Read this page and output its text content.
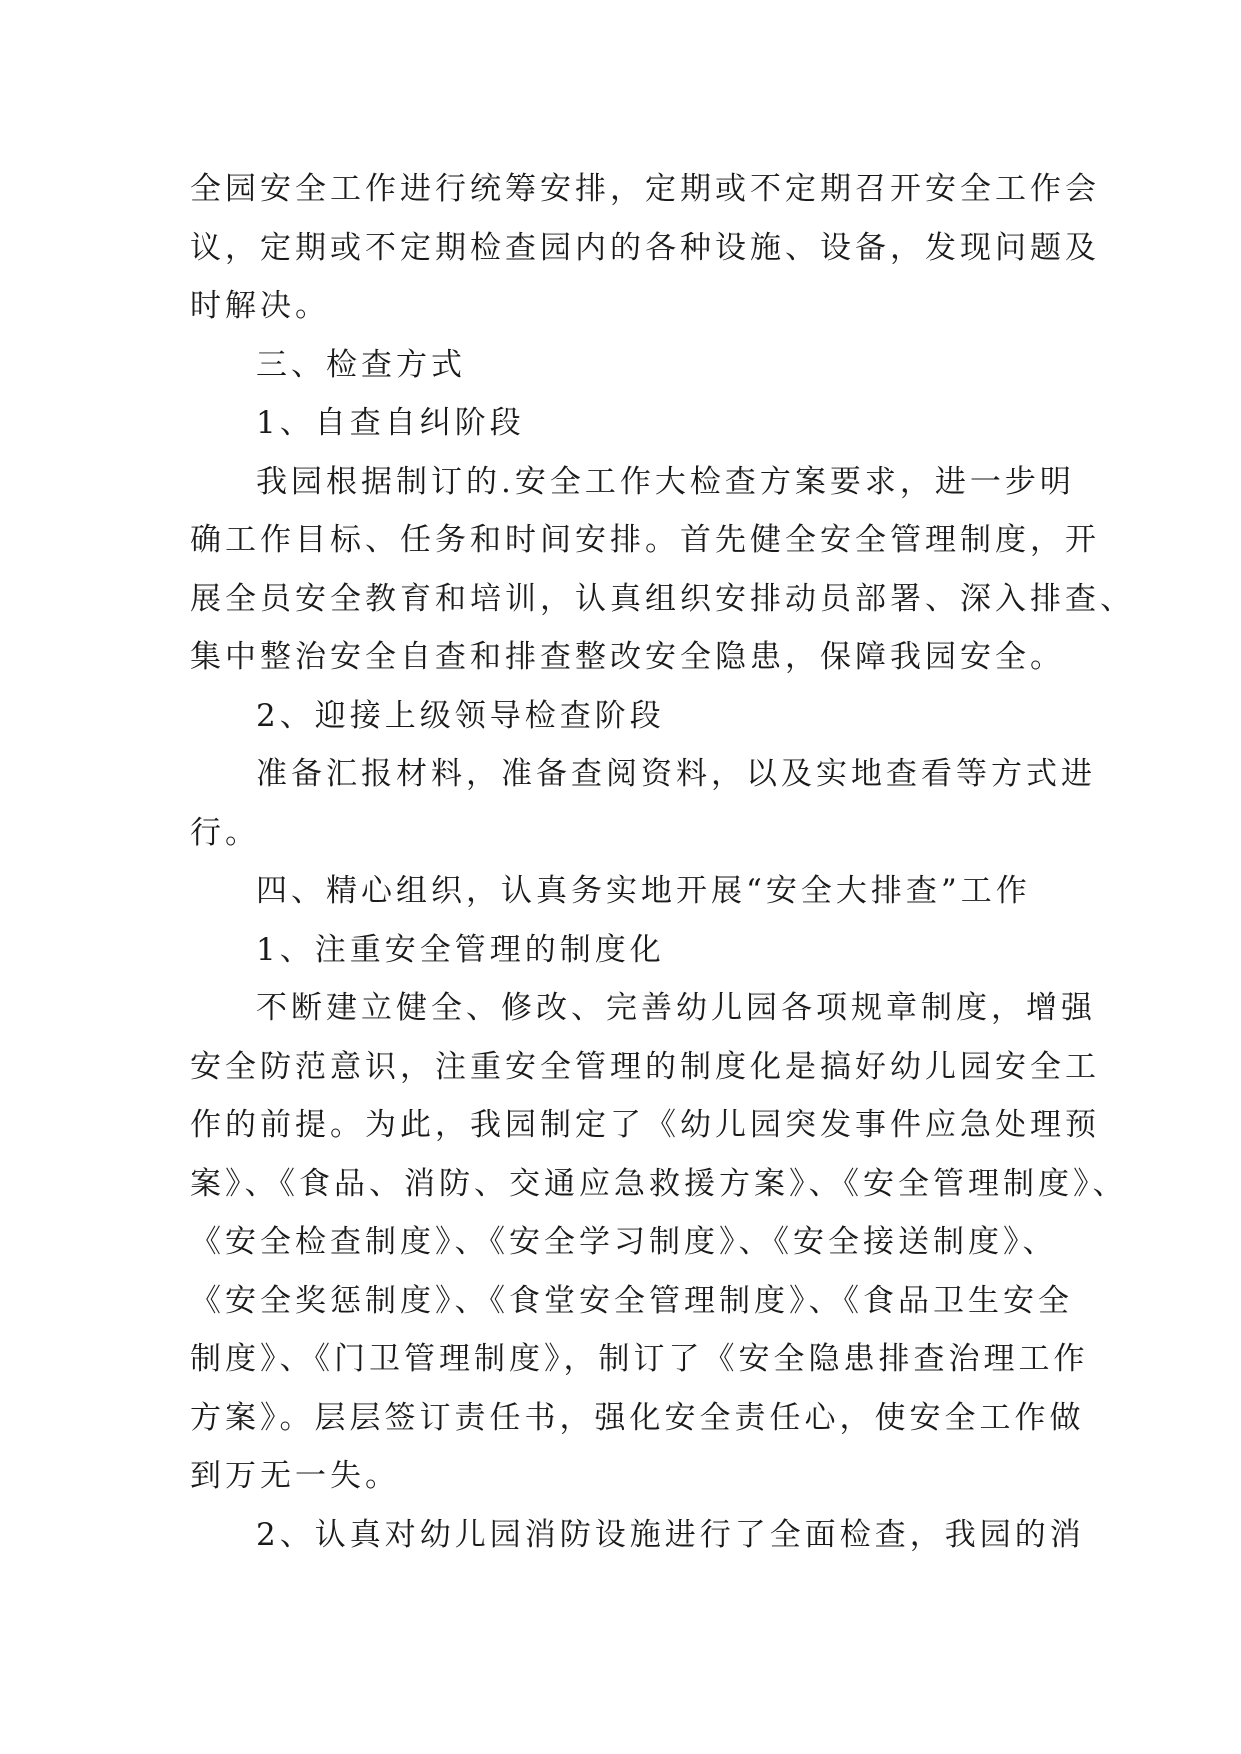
全园安全工作进行统筹安排，定期或不定期召开安全工作会
议，定期或不定期检查园内的各种设施、设备，发现问题及
时解决。
三、检查方式
1、自查自纠阶段
我园根据制订的.安全工作大检查方案要求，进一步明
确工作目标、任务和时间安排。首先健全安全管理制度，开
展全员安全教育和培训，认真组织安排动员部署、深入排查、
集中整治安全自查和排查整改安全隐患，保障我园安全。
2、迎接上级领导检查阶段
准备汇报材料，准备查阅资料，以及实地查看等方式进
行。
四、精心组织，认真务实地开展“安全大排查”工作
1、注重安全管理的制度化
不断建立健全、修改、完善幼儿园各项规章制度，增强
安全防范意识，注重安全管理的制度化是搞好幼儿园安全工
作的前提。为此，我园制定了《幼儿园突发事件应急处理预
案》、《食品、消防、交通应急救援方案》、《安全管理制度》、
《安全检查制度》、《安全学习制度》、《安全接送制度》、
《安全奖惩制度》、《食堂安全管理制度》、《食品卫生安全
制度》、《门卫管理制度》，制订了《安全隐患排查治理工作
方案》。层层签订责任书，强化安全责任心，使安全工作做
到万无一失。
2、认真对幼儿园消防设施进行了全面检查，我园的消
